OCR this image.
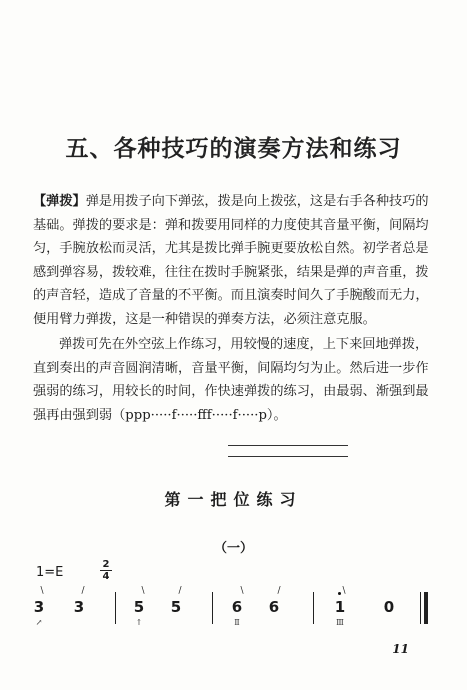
五、各种技巧的演奏方法和练习

【弹拨】弹是用拨子向下弹弦，拨是向上拨弦，这是右手各种技巧的基础。弹拨的要求是：弹和拨要用同样的力度使其音量平衡，间隔均匀，手腕放松而灵活，尤其是拨比弹手腕更要放松自然。初学者总是感到弹容易，拨较难，往往在拨时手腕紧张，结果是弹的声音重，拨的声音轻，造成了音量的不平衡。而且演奏时间久了手腕酸而无力，便用臂力弹拨，这是一种错误的弹奏方法，必须注意克服。

弹拨可先在外空弦上作练习，用较慢的速度，上下来回地弹拨，直到奏出的声音圆润清晰，音量平衡，间隔均匀为止。然后进一步作强弱的练习，用较长的时间，作快速弹拨的练习，由最弱、渐强到最强再由强到弱（ppp·····f·····fff·····f·····p）。

第一把位练习
（一）
1=E
2
4
\	/	\	/	\	/	\
3 3	5 5	6 6	1	0
↗	↑	Ⅱ	Ⅲ
11
